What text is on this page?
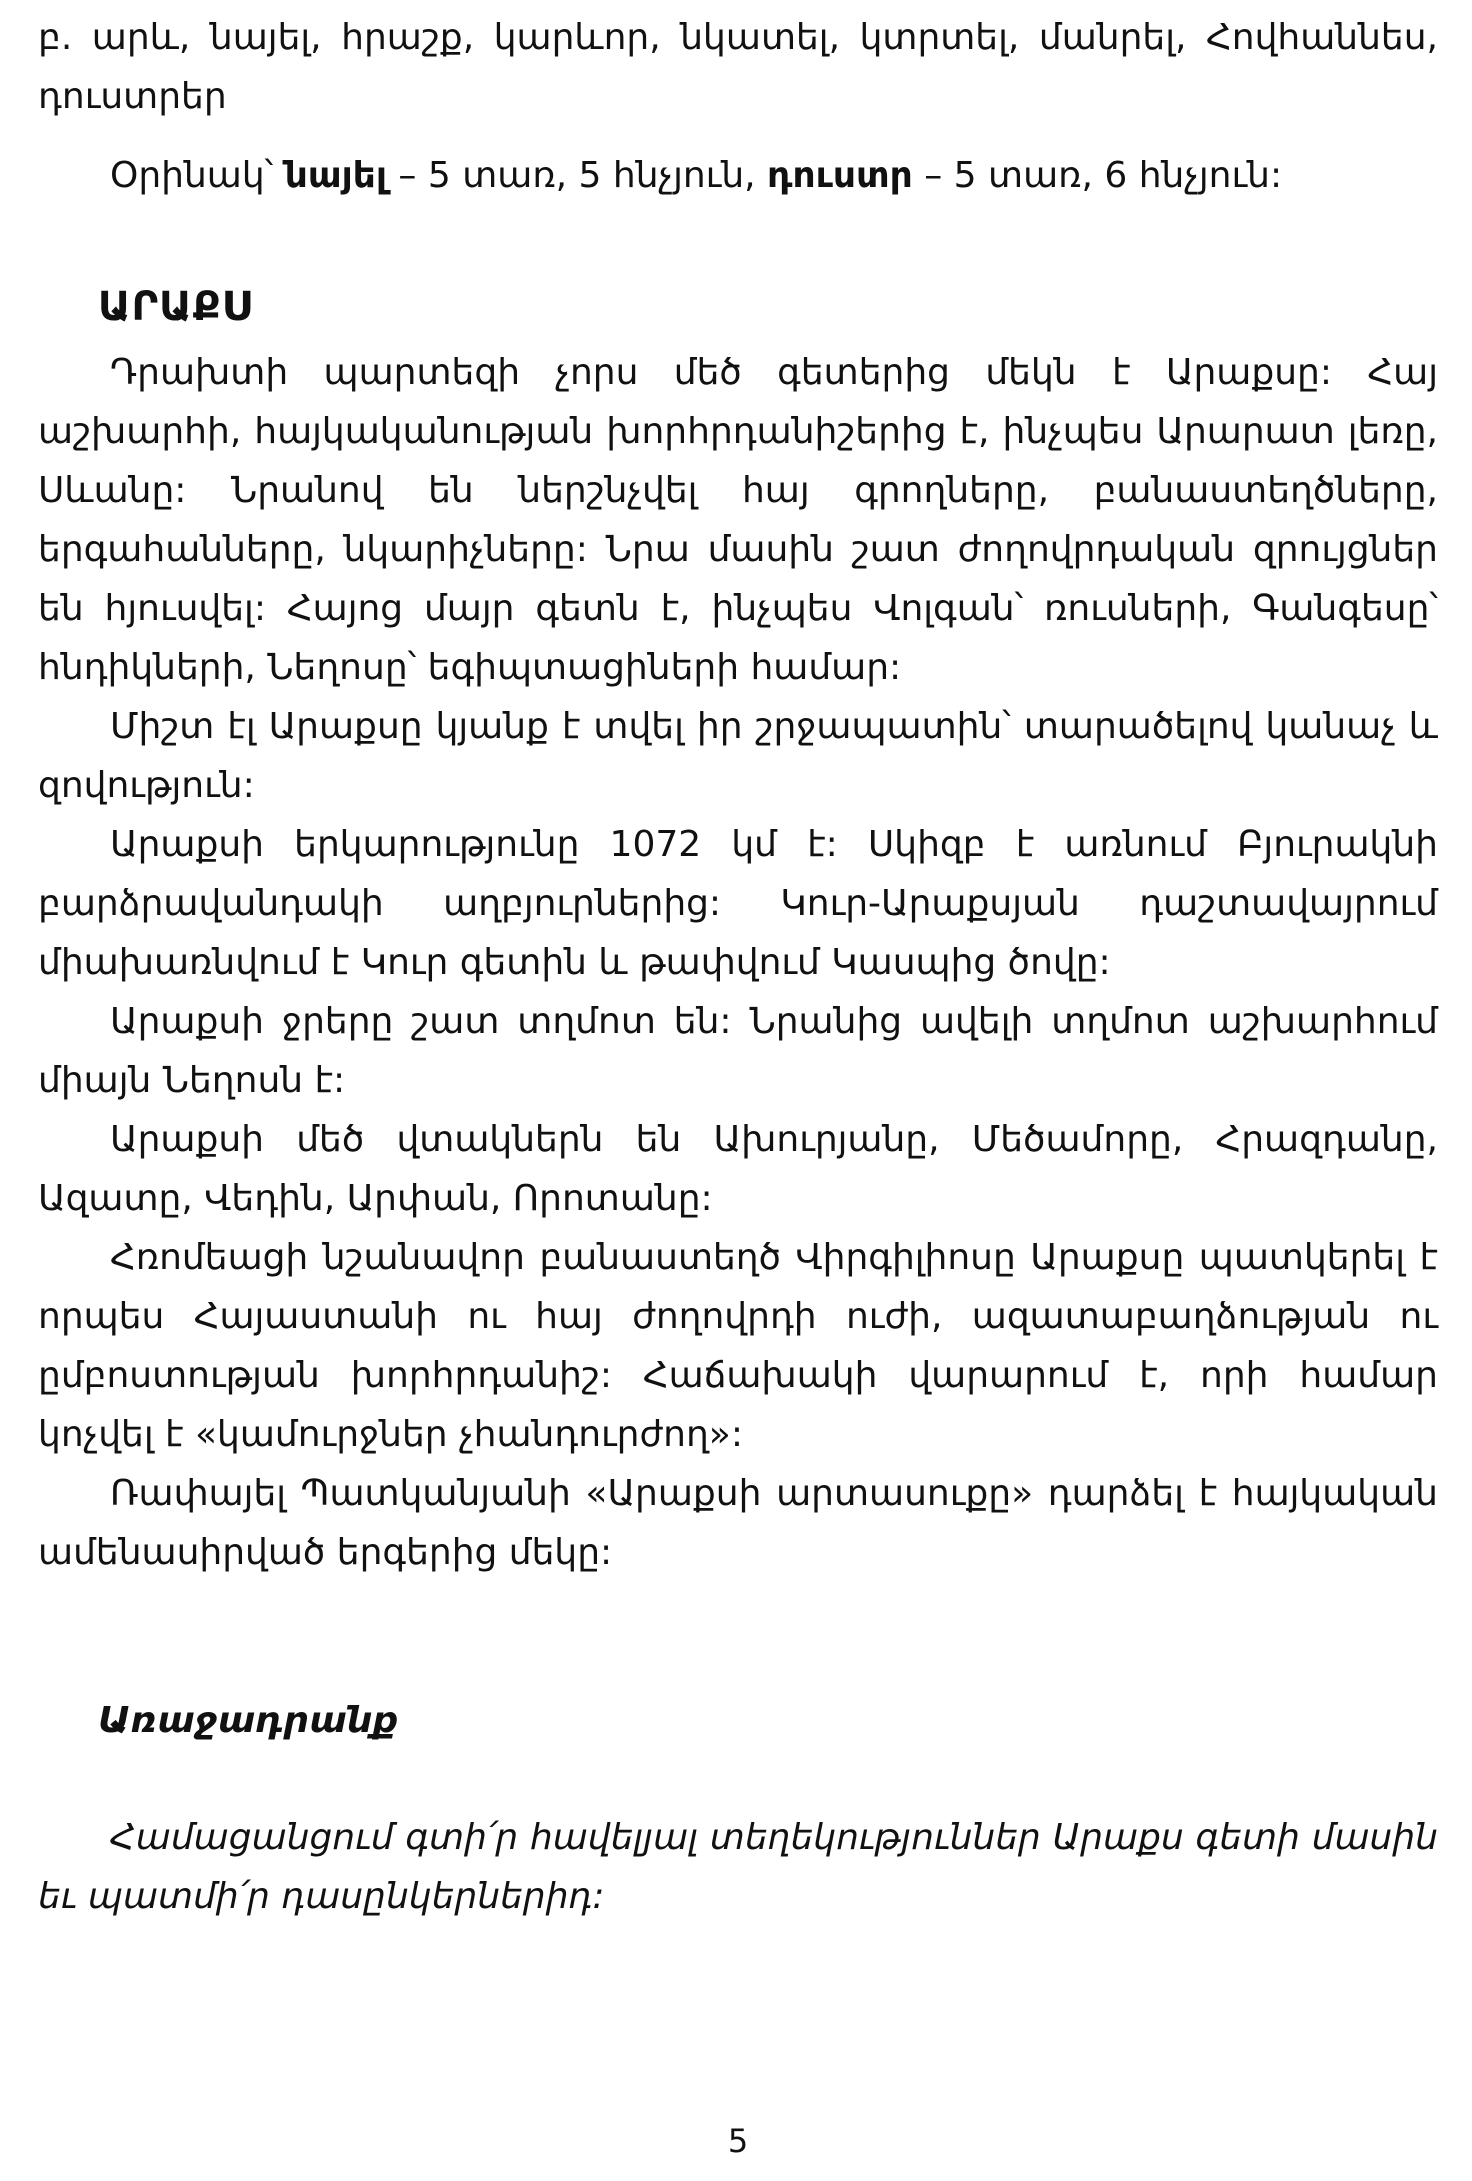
բ. արև, նայել, հրաշք, կարևոր, նկատել, կտրտել, մանրել, Հովհաննես, դուստրեր

Օրինակ՝ նայել – 5 տառ, 5 հնչյուն, դուստր – 5 տառ, 6 հնչյուն:

ԱՐԱՔՍ

Դրախտի պարտեզի չորս մեծ գետերից մեկն է Արաքսը: Հայ աշխարհի, հայկականության խորհրդանիշերից է, ինչպես Արարատ լեռը, Սևանը: Նրանով են ներշնչվել հայ գրողները, բանաստեղծները, երգահանները, նկարիչները: Նրա մասին շատ ժողովրդական զրույցներ են հյուսվել: Հայոց մայր գետն է, ինչպես Վոլգան՝ ռուսների, Գանգեսը՝ հնդիկների, Նեղոսը՝ եգիպտացիների համար:

Միշտ էլ Արաքսը կյանք է տվել իր շրջապատին՝ տարածելով կանաչ և զովություն:

Արաքսի երկարությունը 1072 կմ է: Սկիզբ է առնում Բյուրակնի բարձրավանդակի աղբյուրներից: Կուր-Արաքսյան դաշտավայրում միախառնվում է Կուր գետին և թափվում Կասպից ծովը:

Արաքսի ջրերը շատ տղմոտ են: Նրանից ավելի տղմոտ աշխարհում միայն Նեղոսն է:

Արաքսի մեծ վտակներն են Ախուրյանը, Մեծամորը, Հրազդանը, Ազատը, Վեդին, Արփան, Որոտանը:

Հռոմեացի նշանավոր բանաստեղծ Վիրգիլիոսը Արաքսը պատկերել է որպես Հայաստանի ու հայ ժողովրդի ուժի, ազատաբաղձության ու ըմբոստության խորհրդանիշ: Հաճախակի վարարում է, որի համար կոչվել է «կամուրջներ չհանդուրժող»:

Ռափայել Պատկանյանի «Արաքսի արտասուքը» դարձել է հայկական ամենասիրված երգերից մեկը:

Առաջադրանք

Համացանցում գտի՛ր հավելյալ տեղեկություններ Արաքս գետի մասին եւ պատմի՛ր դասընկերներիդ:

5
